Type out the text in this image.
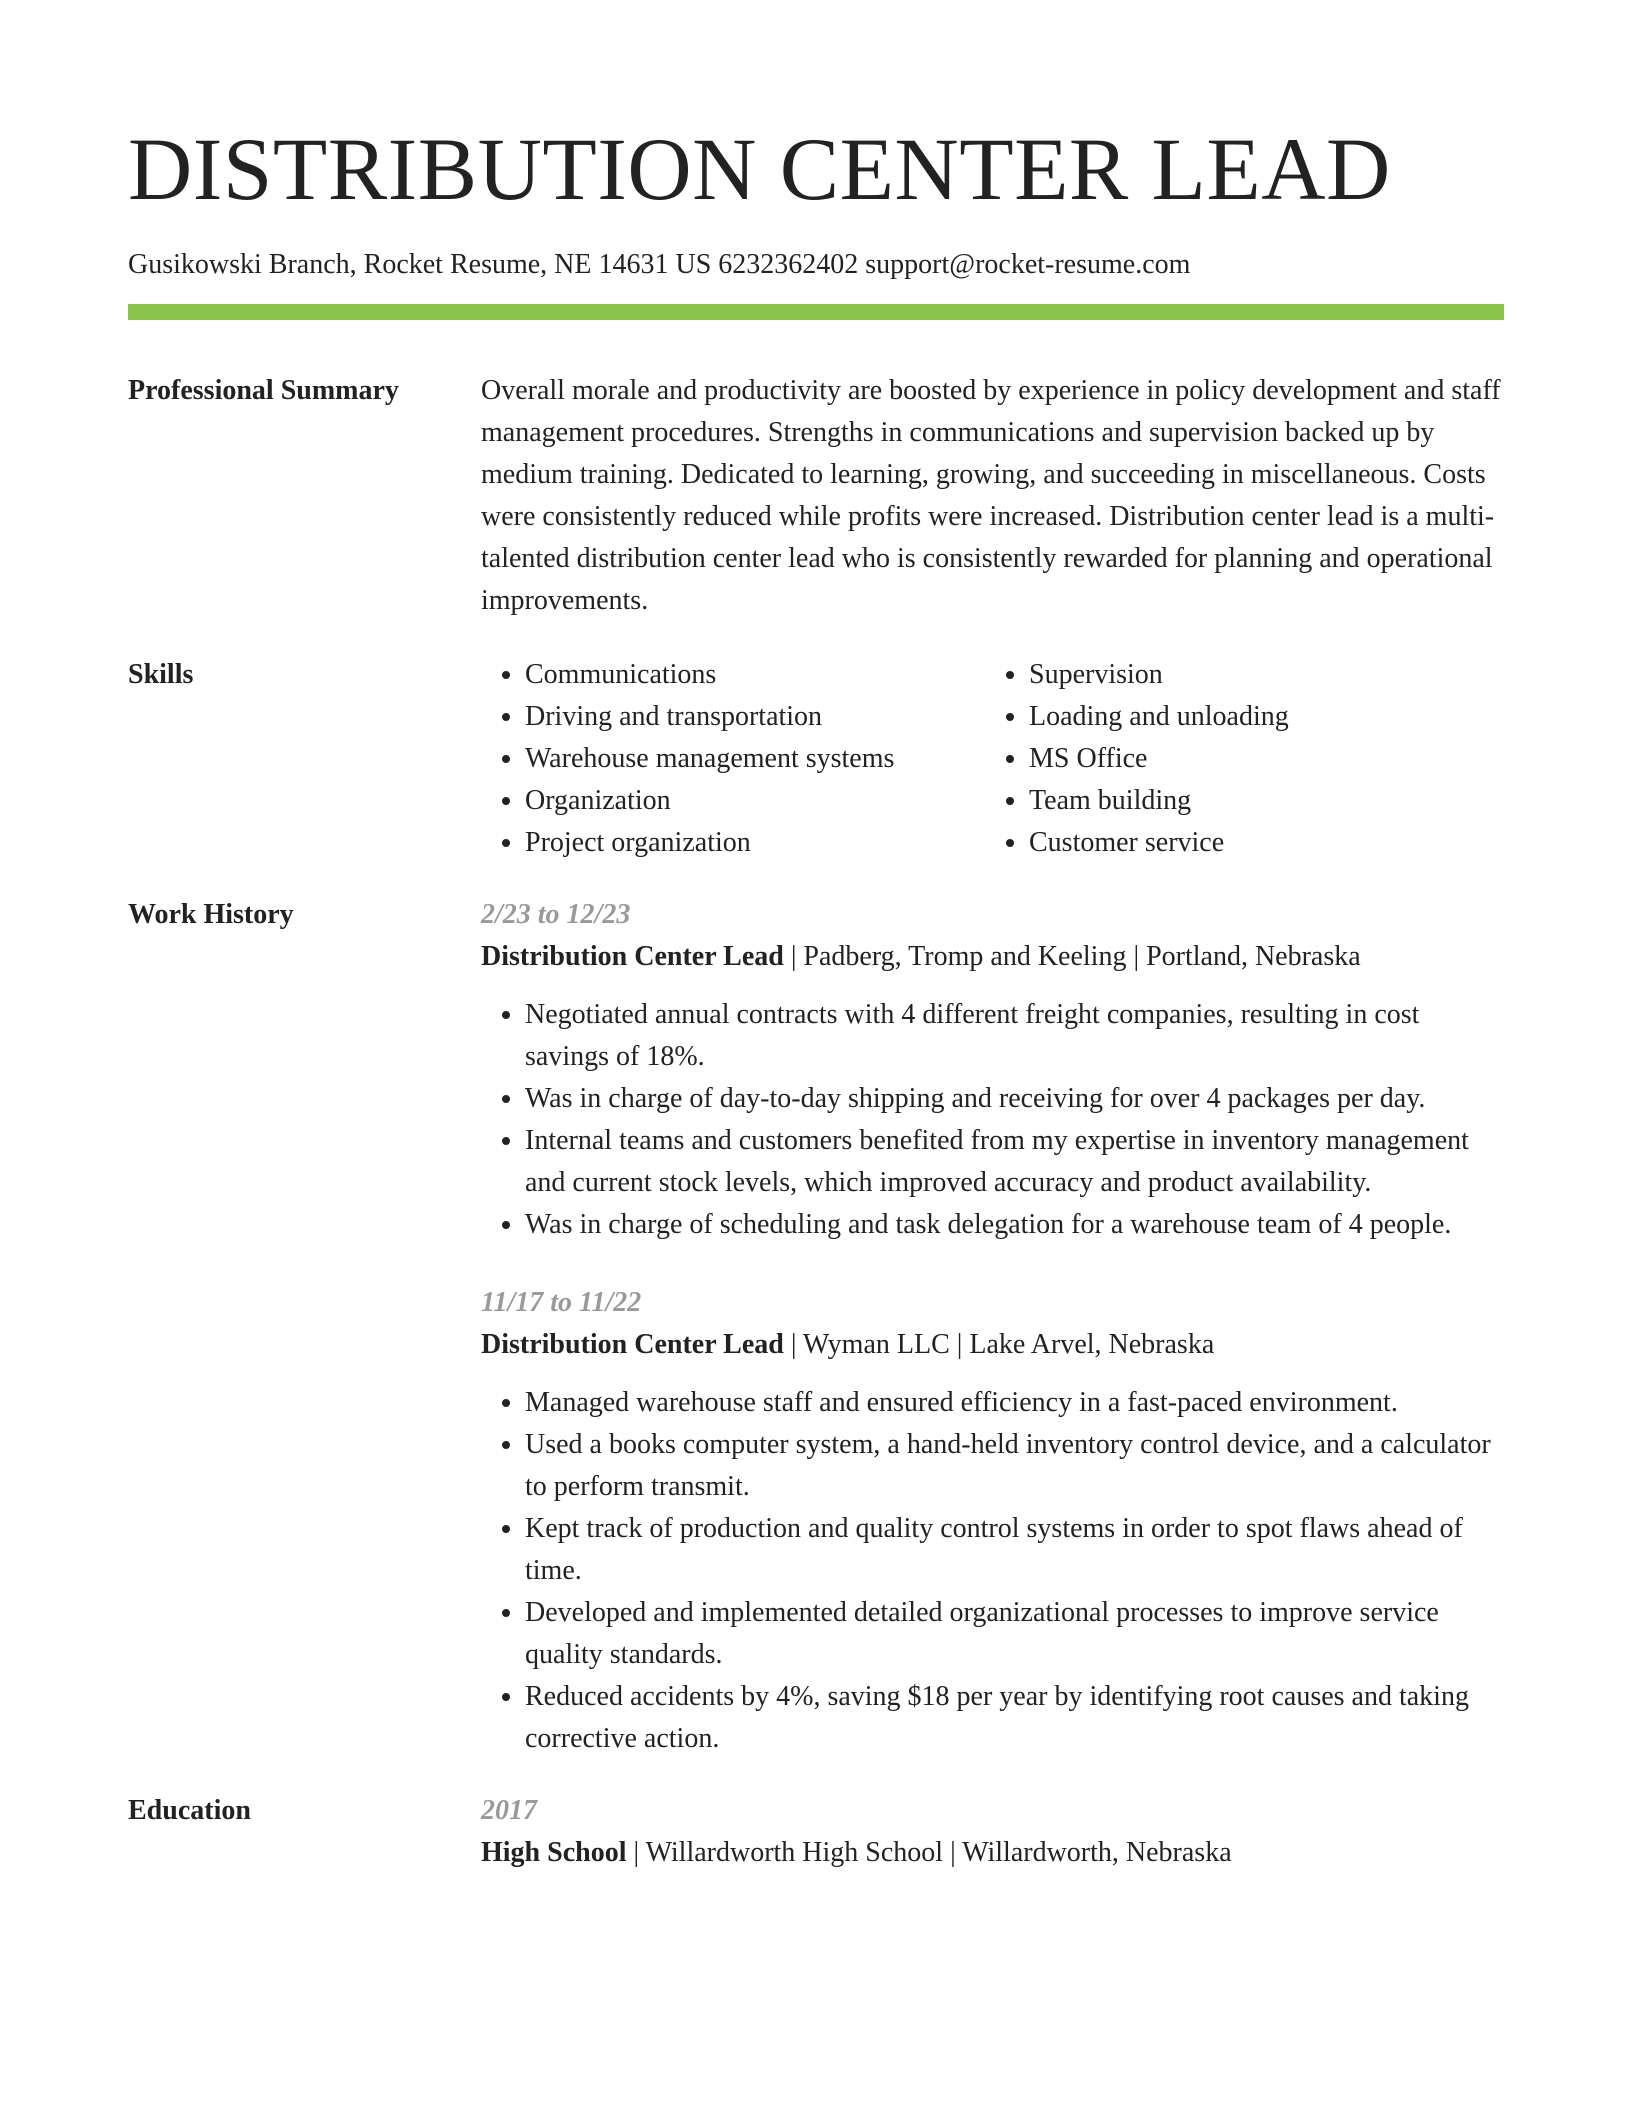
DISTRIBUTION CENTER LEAD
Gusikowski Branch, Rocket Resume, NE 14631 US 6232362402 support@rocket-resume.com
Professional Summary	Overall morale and productivity are boosted by experience in policy development and staff management procedures. Strengths in communications and supervision backed up by medium training. Dedicated to learning, growing, and succeeding in miscellaneous. Costs were consistently reduced while profits were increased. Distribution center lead is a multi-talented distribution center lead who is consistently rewarded for planning and operational improvements.
Skills
•	Communications
• Driving and transportation
• Warehouse management systems
• Organization
• Project organization
• Supervision
• Loading and unloading
• MS Office
• Team building
• Customer service
Work History	2/23 to 12/23
Distribution Center Lead | Padberg, Tromp and Keeling | Portland, Nebraska
• Negotiated annual contracts with 4 different freight companies, resulting in cost savings of 18%.
• Was in charge of day-to-day shipping and receiving for over 4 packages per day.
• Internal teams and customers benefited from my expertise in inventory management and current stock levels, which improved accuracy and product availability.
• Was in charge of scheduling and task delegation for a warehouse team of 4 people.
11/17 to 11/22
Distribution Center Lead | Wyman LLC | Lake Arvel, Nebraska
• Managed warehouse staff and ensured efficiency in a fast-paced environment.
• Used a books computer system, a hand-held inventory control device, and a calculator to perform transmit.
• Kept track of production and quality control systems in order to spot flaws ahead of time.
• Developed and implemented detailed organizational processes to improve service quality standards.
• Reduced accidents by 4%, saving $18 per year by identifying root causes and taking corrective action.
Education	2017
High School | Willardworth High School | Willardworth, Nebraska
